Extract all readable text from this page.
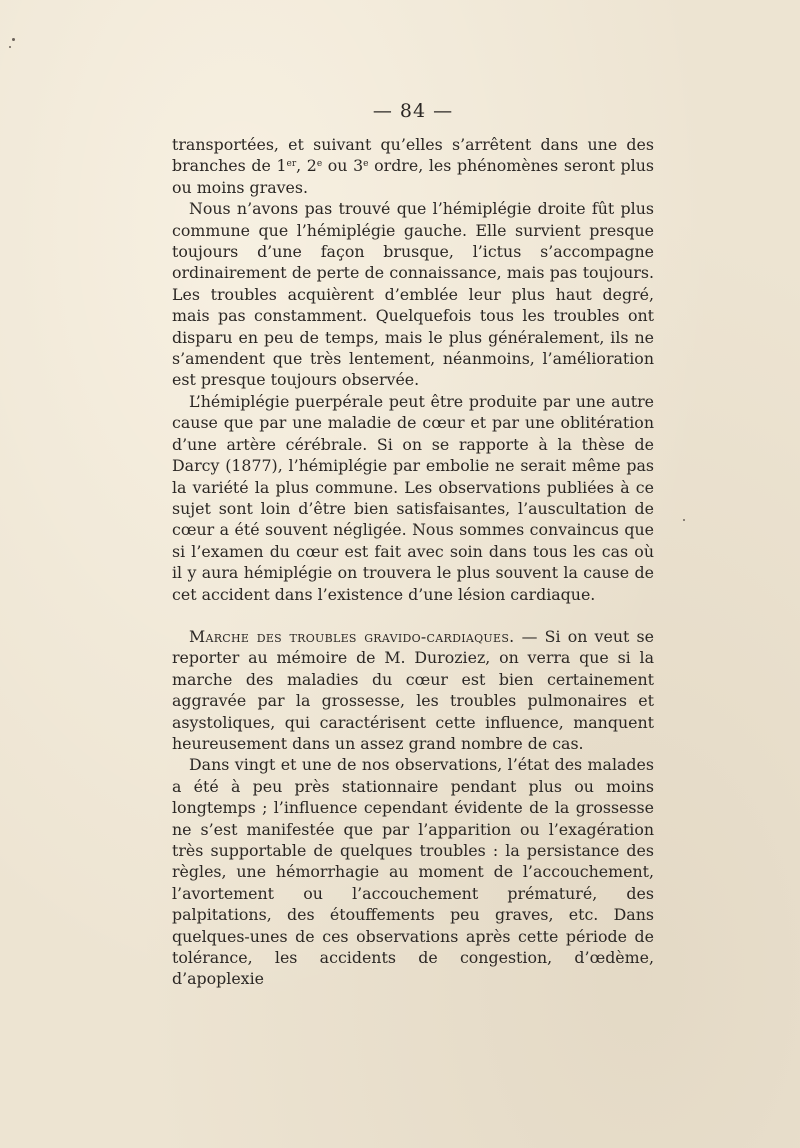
— 84 —

transportées, et suivant qu’elles s’arrêtent dans une des branches de 1er, 2e ou 3e ordre, les phénomènes seront plus ou moins graves.

Nous n’avons pas trouvé que l’hémiplégie droite fût plus commune que l’hémiplégie gauche. Elle survient presque toujours d’une façon brusque, l’ictus s’accompagne ordinairement de perte de connaissance, mais pas toujours. Les troubles acquièrent d’emblée leur plus haut degré, mais pas constamment. Quelquefois tous les troubles ont disparu en peu de temps, mais le plus généralement, ils ne s’amendent que très lentement, néanmoins, l’amélioration est presque toujours observée.

L’hémiplégie puerpérale peut être produite par une autre cause que par une maladie de cœur et par une oblitération d’une artère cérébrale. Si on se rapporte à la thèse de Darcy (1877), l’hémiplégie par embolie ne serait même pas la variété la plus commune. Les observations publiées à ce sujet sont loin d’être bien satisfaisantes, l’auscultation de cœur a été souvent négligée. Nous sommes convaincus que si l’examen du cœur est fait avec soin dans tous les cas où il y aura hémiplégie on trouvera le plus souvent la cause de cet accident dans l’existence d’une lésion cardiaque.

Marche des troubles gravido-cardiaques. — Si on veut se reporter au mémoire de M. Duroziez, on verra que si la marche des maladies du cœur est bien certainement aggravée par la grossesse, les troubles pulmonaires et asystoliques, qui caractérisent cette influence, manquent heureusement dans un assez grand nombre de cas.

Dans vingt et une de nos observations, l’état des malades a été à peu près stationnaire pendant plus ou moins longtemps ; l’influence cependant évidente de la grossesse ne s’est manifestée que par l’apparition ou l’exagération très supportable de quelques troubles : la persistance des règles, une hémorrhagie au moment de l’accouchement, l’avortement ou l’accouchement prématuré, des palpitations, des étouffements peu graves, etc. Dans quelques-unes de ces observations après cette période de tolérance, les accidents de congestion, d’œdème, d’apoplexie
